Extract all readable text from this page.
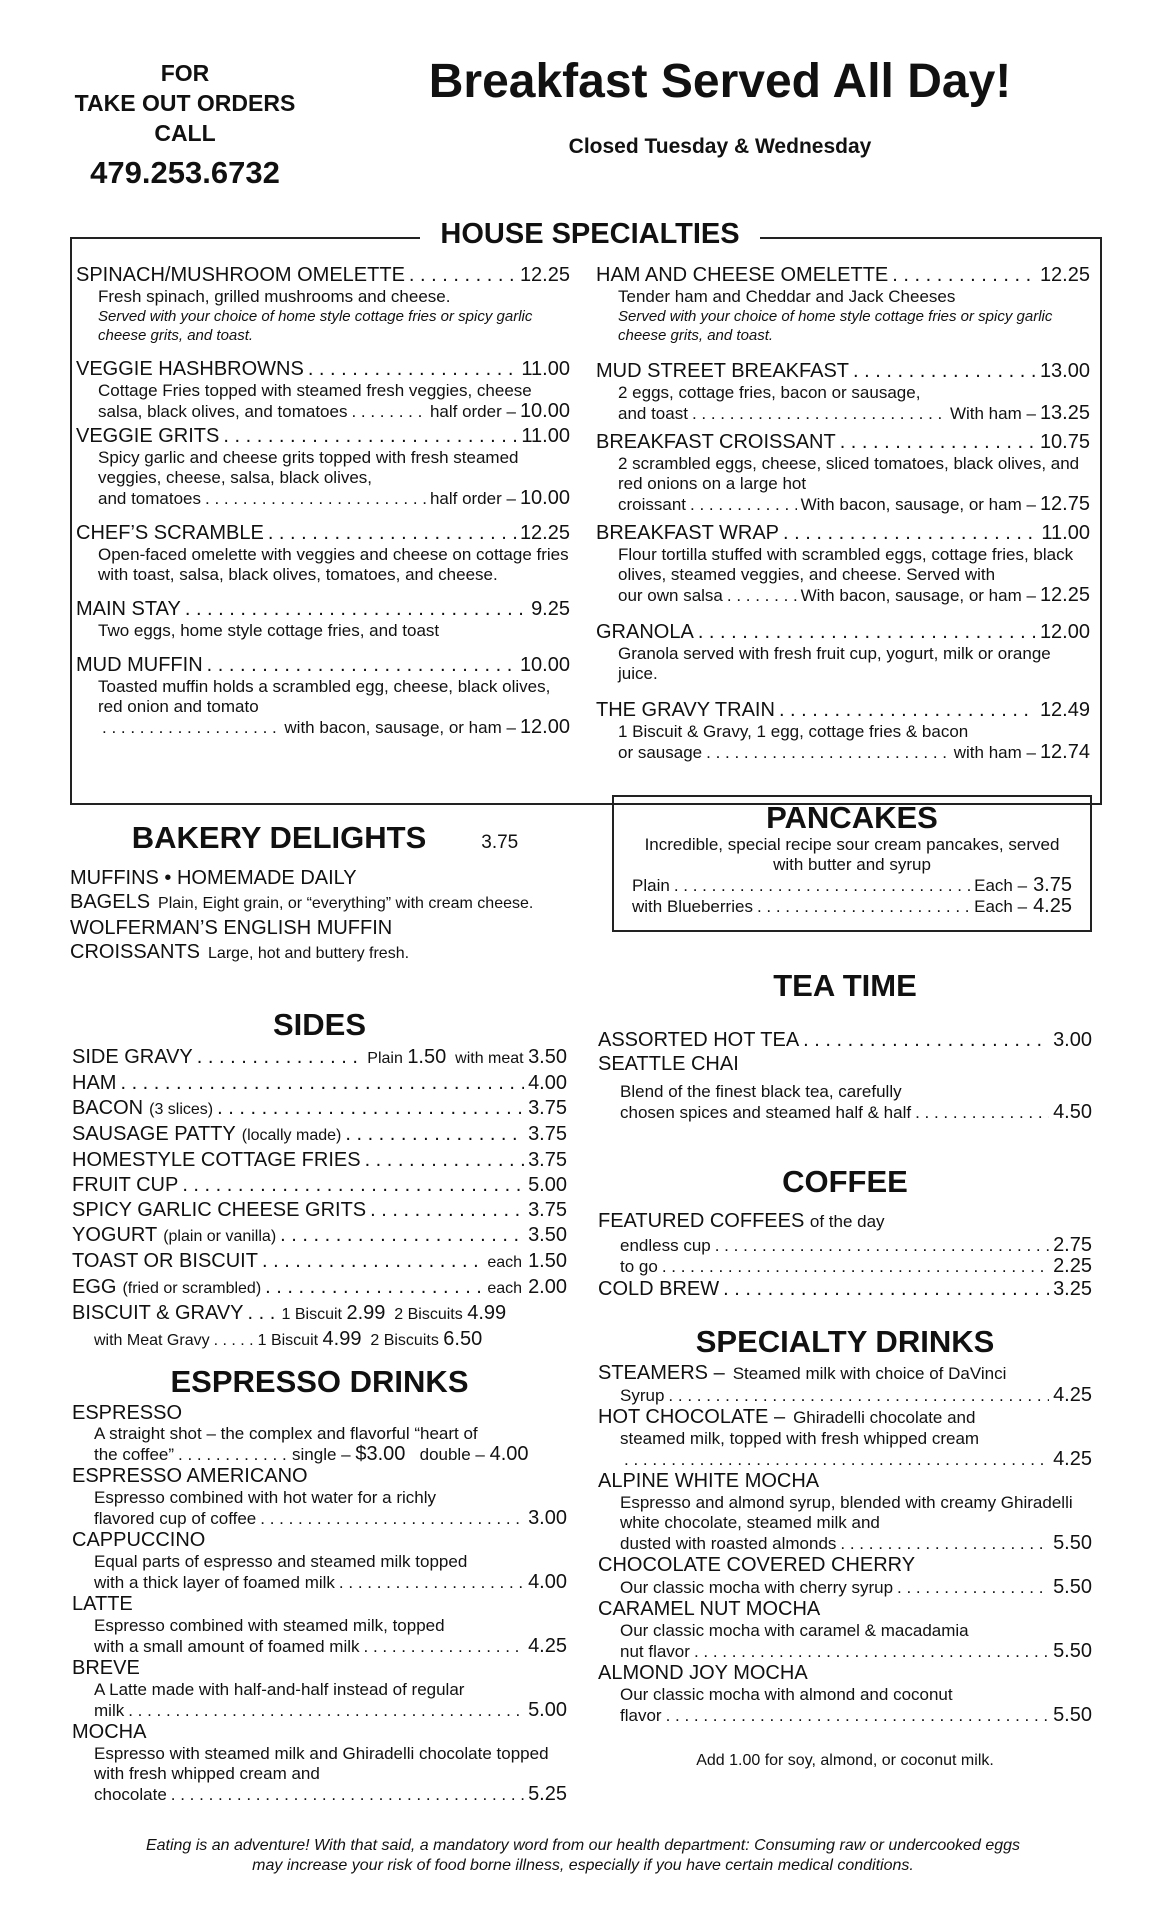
FOR
TAKE OUT ORDERS
CALL
479.253.6732
Breakfast Served All Day!
Closed Tuesday & Wednesday
HOUSE SPECIALTIES
SPINACH/MUSHROOM OMELETTE . . .	12.25
Fresh spinach, grilled mushrooms and cheese.
Served with your choice of home style cottage fries or spicy garlic cheese grits, and toast.
VEGGIE HASHBROWNS . . .	11.00
Cottage Fries topped with steamed fresh veggies, cheese
salsa, black olives, and tomatoes . . .	half order – 10.00
VEGGIE GRITS . . .	11.00
Spicy garlic and cheese grits topped with fresh steamed veggies, cheese, salsa, black olives,
and tomatoes . . .	half order – 10.00
CHEF’S SCRAMBLE . . .	12.25
Open-faced omelette with veggies and cheese on cottage fries with toast, salsa, black olives, tomatoes, and cheese.
MAIN STAY . . .	9.25
Two eggs, home style cottage fries, and toast
MUD MUFFIN . . .	10.00
Toasted muffin holds a scrambled egg, cheese, black olives, red onion and tomato
. . .
with bacon, sausage, or ham – 12.00
HAM AND CHEESE OMELETTE . . .	12.25
Tender ham and Cheddar and Jack Cheeses
Served with your choice of home style cottage fries or spicy garlic cheese grits, and toast.
MUD STREET BREAKFAST . . .	13.00
2 eggs, cottage fries, bacon or sausage,
and toast . . .	With ham – 13.25
BREAKFAST CROISSANT . . .	10.75
2 scrambled eggs, cheese, sliced tomatoes, black olives, and red onions on a large hot
croissant . . .	With bacon, sausage, or ham – 12.75
BREAKFAST WRAP . . .	11.00
Flour tortilla stuffed with scrambled eggs, cottage fries, black olives, steamed veggies, and cheese. Served with
our own salsa . . .	With bacon, sausage, or ham – 12.25
GRANOLA . . .	12.00
Granola served with fresh fruit cup, yogurt, milk or orange juice.
THE GRAVY TRAIN . . .	12.49
1 Biscuit & Gravy, 1 egg, cottage fries & bacon
or sausage . . .	with ham – 12.74
BAKERY DELIGHTS	3.75
MUFFINS • HOMEMADE DAILY
BAGELS Plain, Eight grain, or “everything” with cream cheese.
WOLFERMAN’S ENGLISH MUFFIN
CROISSANTS Large, hot and buttery fresh.
PANCAKES
Incredible, special recipe sour cream pancakes, served with butter and syrup
Plain . . .	Each – 3.75
with Blueberries . . .	Each – 4.25
SIDES
SIDE GRAVY . . .	Plain 1.50 with meat 3.50
HAM . . .	4.00
BACON (3 slices) . . .	3.75
SAUSAGE PATTY (locally made) . . .	3.75
HOMESTYLE COTTAGE FRIES . . .	3.75
FRUIT CUP . . .	5.00
SPICY GARLIC CHEESE GRITS . . .	3.75
YOGURT (plain or vanilla) . . .	3.50
TOAST OR BISCUIT . . .	each 1.50
EGG (fried or scrambled) . . .	each 2.00
BISCUIT & GRAVY . . . 1 Biscuit 2.99 2 Biscuits 4.99
with Meat Gravy . . .	1 Biscuit 4.99 2 Biscuits 6.50
ESPRESSO DRINKS
ESPRESSO
A straight shot – the complex and flavorful “heart of
the coffee” . . .	single –
$3.00
double –
4.00
ESPRESSO AMERICANO
Espresso combined with hot water for a richly
flavored cup of coffee . . .	3.00
CAPPUCCINO
Equal parts of espresso and steamed milk topped
with a thick layer of foamed milk . . .	4.00
LATTE
Espresso combined with steamed milk, topped
with a small amount of foamed milk . . .	4.25
BREVE
A Latte made with half-and-half instead of regular
milk . . .	5.00
MOCHA
Espresso with steamed milk and Ghiradelli chocolate topped with fresh whipped cream and
chocolate . . .	5.25
TEA TIME
ASSORTED HOT TEA . . .	3.00
SEATTLE CHAI
Blend of the finest black tea, carefully
chosen spices and steamed half & half . . .	4.50
COFFEE
FEATURED COFFEES of the day
endless cup . . .	2.75
to go . . .	2.25
COLD BREW . . .	3.25
SPECIALTY DRINKS
STEAMERS – Steamed milk with choice of DaVinci
Syrup . . .	4.25
HOT CHOCOLATE – Ghiradelli chocolate and
steamed milk, topped with fresh whipped cream
. . .
4.25
ALPINE WHITE MOCHA
Espresso and almond syrup, blended with creamy Ghiradelli white chocolate, steamed milk and
dusted with roasted almonds . . .	5.50
CHOCOLATE COVERED CHERRY
Our classic mocha with cherry syrup . . .	5.50
CARAMEL NUT MOCHA
Our classic mocha with caramel & macadamia
nut flavor . . .	5.50
ALMOND JOY MOCHA
Our classic mocha with almond and coconut
flavor . . .	5.50
Add 1.00 for soy, almond, or coconut milk.
Eating is an adventure! With that said, a mandatory word from our health department: Consuming raw or undercooked eggs
may increase your risk of food borne illness, especially if you have certain medical conditions.
